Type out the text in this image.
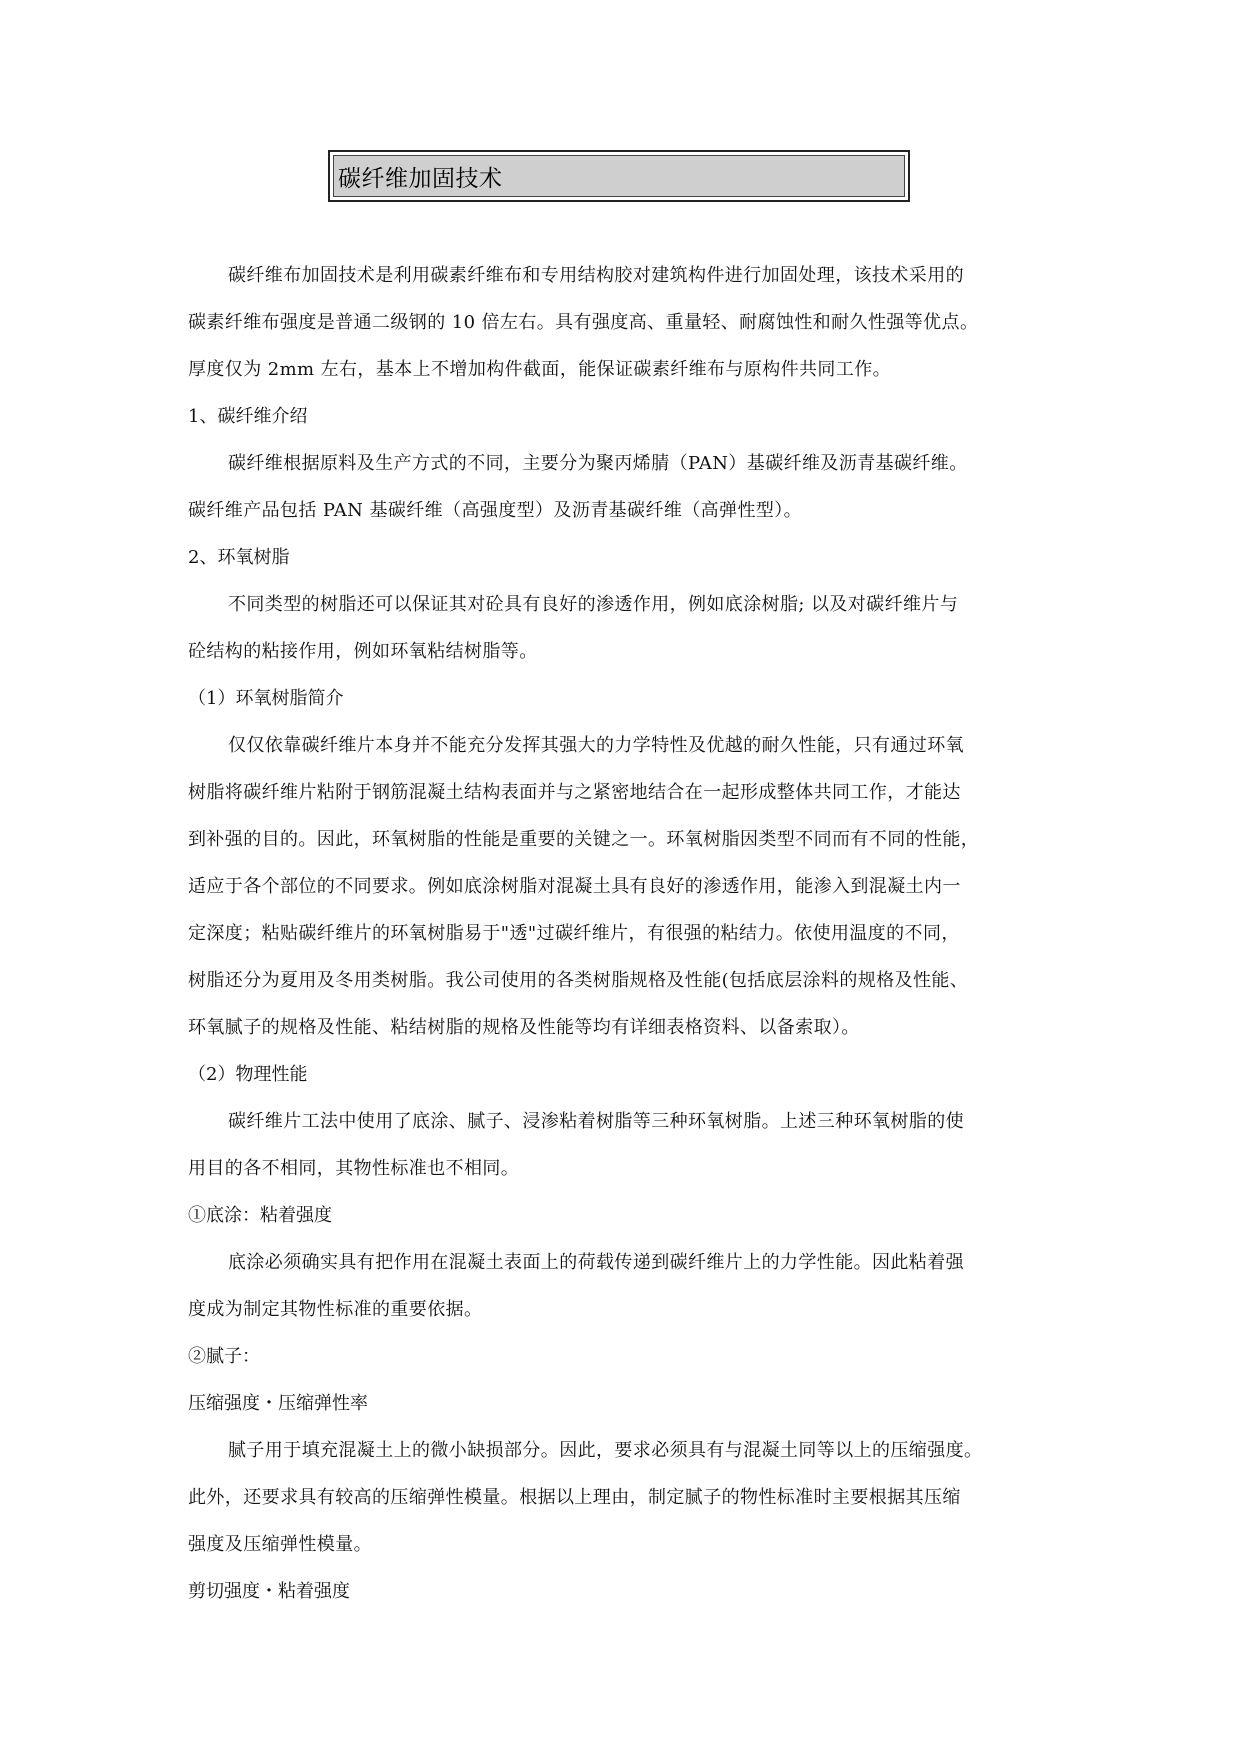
碳纤维加固技术
碳纤维布加固技术是利用碳素纤维布和专用结构胶对建筑构件进行加固处理，该技术采用的
碳素纤维布强度是普通二级钢的 10 倍左右。具有强度高、重量轻、耐腐蚀性和耐久性强等优点。
厚度仅为 2mm 左右，基本上不增加构件截面，能保证碳素纤维布与原构件共同工作。
1、碳纤维介绍
碳纤维根据原料及生产方式的不同，主要分为聚丙烯腈（PAN）基碳纤维及沥青基碳纤维。
碳纤维产品包括 PAN 基碳纤维（高强度型）及沥青基碳纤维（高弹性型）。
2、环氧树脂
不同类型的树脂还可以保证其对砼具有良好的渗透作用，例如底涂树脂; 以及对碳纤维片与
砼结构的粘接作用，例如环氧粘结树脂等。
（1）环氧树脂简介
仅仅依靠碳纤维片本身并不能充分发挥其强大的力学特性及优越的耐久性能，只有通过环氧
树脂将碳纤维片粘附于钢筋混凝土结构表面并与之紧密地结合在一起形成整体共同工作，才能达
到补强的目的。因此，环氧树脂的性能是重要的关键之一。环氧树脂因类型不同而有不同的性能，
适应于各个部位的不同要求。例如底涂树脂对混凝土具有良好的渗透作用，能渗入到混凝土内一
定深度；粘贴碳纤维片的环氧树脂易于"透"过碳纤维片，有很强的粘结力。依使用温度的不同，
树脂还分为夏用及冬用类树脂。我公司使用的各类树脂规格及性能(包括底层涂料的规格及性能、
环氧腻子的规格及性能、粘结树脂的规格及性能等均有详细表格资料、以备索取）。
（2）物理性能
碳纤维片工法中使用了底涂、腻子、浸渗粘着树脂等三种环氧树脂。上述三种环氧树脂的使
用目的各不相同，其物性标准也不相同。
①底涂：粘着强度
底涂必须确实具有把作用在混凝土表面上的荷载传递到碳纤维片上的力学性能。因此粘着强
度成为制定其物性标准的重要依据。
②腻子：
压缩强度・压缩弹性率
腻子用于填充混凝土上的微小缺损部分。因此，要求必须具有与混凝土同等以上的压缩强度。
此外，还要求具有较高的压缩弹性模量。根据以上理由，制定腻子的物性标准时主要根据其压缩
强度及压缩弹性模量。
剪切强度・粘着强度
